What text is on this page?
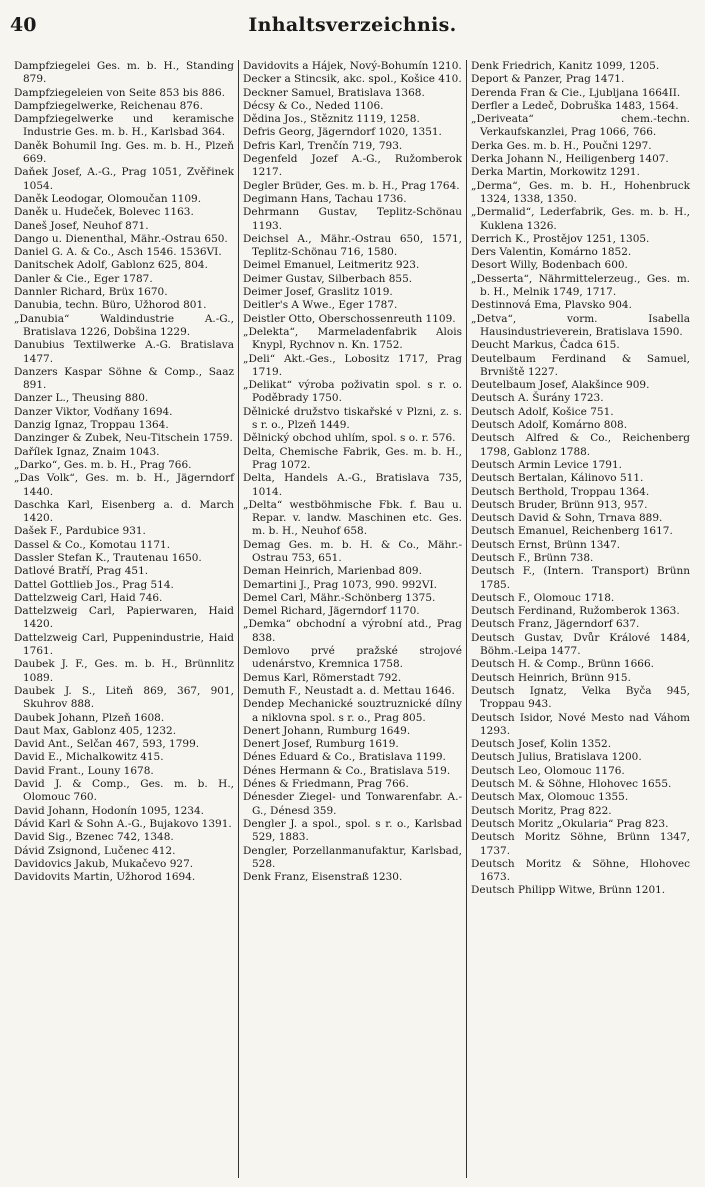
40	Inhaltsverzeichnis.

Dampfziegelei Ges. m. b. H., Standing 879.

Dampfziegeleien von Seite 853 bis 886.

Dampfziegelwerke, Reichenau 876.

Dampfziegelwerke und keramische Industrie Ges. m. b. H., Karlsbad 364.

Daněk Bohumil Ing. Ges. m. b. H., Plzeň 669.

Daňek Josef, A.-G., Prag 1051, Zvěřinek 1054.

Daněk Leodogar, Olomoučan 1109.

Daněk u. Hudeček, Bolevec 1163.

Daneš Josef, Neuhof 871.

Dango u. Dienenthal, Mähr.-Ostrau 650.

Daniel G. A. & Co., Asch 1546. 1536VI.

Danitschek Adolf, Gablonz 625, 804.

Danler & Cie., Eger 1787.

Dannler Richard, Brüx 1670.

Danubia, techn. Büro, Užhorod 801.

„Danubia“ Waldindustrie A.-G., Bratislava 1226, Dobšina 1229.

Danubius Textilwerke A.-G. Bratislava 1477.

Danzers Kaspar Söhne & Comp., Saaz 891.

Danzer L., Theusing 880.

Danzer Viktor, Vodňany 1694.

Danzig Ignaz, Troppau 1364.

Danzinger & Zubek, Neu-Titschein 1759.

Dařílek Ignaz, Znaim 1043.

„Darko“, Ges. m. b. H., Prag 766.

„Das Volk“, Ges. m. b. H., Jägerndorf 1440.

Daschka Karl, Eisenberg a. d. March 1420.

Dašek F., Pardubice 931.

Dassel & Co., Komotau 1171.

Dassler Stefan K., Trautenau 1650.

Datlové Bratří, Prag 451.

Dattel Gottlieb Jos., Prag 514.

Dattelzweig Carl, Haid 746.

Dattelzweig Carl, Papierwaren, Haid 1420.

Dattelzweig Carl, Puppenindustrie, Haid 1761.

Daubek J. F., Ges. m. b. H., Brünnlitz 1089.

Daubek J. S., Liteň 869, 367, 901, Skuhrov 888.

Daubek Johann, Plzeň 1608.

Daut Max, Gablonz 405, 1232.

David Ant., Selčan 467, 593, 1799.

David E., Michalkowitz 415.

David Frant., Louny 1678.

David J. & Comp., Ges. m. b. H., Olomouc 760.

David Johann, Hodonín 1095, 1234.

Dávid Karl & Sohn A.-G., Bujakovo 1391.

David Sig., Bzenec 742, 1348.

Dávid Zsignond, Lučenec 412.

Davidovics Jakub, Mukačevo 927.

Davidovits Martin, Užhorod 1694.

Davidovits a Hájek, Nový-Bohumín 1210.

Decker a Stincsik, akc. spol., Košice 410.

Deckner Samuel, Bratislava 1368.

Décsy & Co., Neded 1106.

Dědina Jos., Stěznitz 1119, 1258.

Defris Georg, Jägerndorf 1020, 1351.

Defris Karl, Trenčín 719, 793.

Degenfeld Jozef A.-G., Ružomberok 1217.

Degler Brüder, Ges. m. b. H., Prag 1764.

Degimann Hans, Tachau 1736.

Dehrmann Gustav, Teplitz-Schönau 1193.

Deichsel A., Mähr.-Ostrau 650, 1571, Teplitz-Schönau 716, 1580.

Deimel Emanuel, Leitmeritz 923.

Deimer Gustav, Silberbach 855.

Deimer Josef, Graslitz 1019.

Deitler's A Wwe., Eger 1787.

Deistler Otto, Oberschossenreuth 1109.

„Delekta“, Marmeladenfabrik Alois Knypl, Rychnov n. Kn. 1752.

„Deli“ Akt.-Ges., Lobositz 1717, Prag 1719.

„Delikat“ výroba poživatin spol. s r. o. Poděbrady 1750.

Dělnické družstvo tiskařské v Plzni, z. s. s r. o., Plzeň 1449.

Dělnický obchod uhlím, spol. s o. r. 576.

Delta, Chemische Fabrik, Ges. m. b. H., Prag 1072.

Delta, Handels A.-G., Bratislava 735, 1014.

„Delta“ westböhmische Fbk. f. Bau u. Repar. v. landw. Maschinen etc. Ges. m. b. H., Neuhof 658.

Demag Ges. m. b. H. & Co., Mähr.-Ostrau 753, 651.

Deman Heinrich, Marienbad 809.

Demartini J., Prag 1073, 990. 992VI.

Demel Carl, Mähr.-Schönberg 1375.

Demel Richard, Jägerndorf 1170.

„Demka“ obchodní a výrobní atd., Prag 838.

Demlovo prvé pražské strojové udenárstvo, Kremnica 1758.

Demus Karl, Römerstadt 792.

Demuth F., Neustadt a. d. Mettau 1646.

Dendep Mechanické souztruznické dílny a niklovna spol. s r. o., Prag 805.

Denert Johann, Rumburg 1649.

Denert Josef, Rumburg 1619.

Dénes Eduard & Co., Bratislava 1199.

Dénes Hermann & Co., Bratislava 519.

Dénes & Friedmann, Prag 766.

Dénesder Ziegel- und Tonwarenfabr. A.-G., Dénesd 359.

Dengler J. a spol., spol. s r. o., Karlsbad 529, 1883.

Dengler, Porzellanmanufaktur, Karlsbad, 528.

Denk Franz, Eisenstraß 1230.

Denk Friedrich, Kanitz 1099, 1205.

Deport & Panzer, Prag 1471.

Derenda Fran & Cie., Ljubljana 1664II.

Derfler a Ledeč, Dobruška 1483, 1564.

„Deriveata“ chem.-techn. Verkaufskanzlei, Prag 1066, 766.

Derka Ges. m. b. H., Poučni 1297.

Derka Johann N., Heiligenberg 1407.

Derka Martin, Morkowitz 1291.

„Derma“, Ges. m. b. H., Hohenbruck 1324, 1338, 1350.

„Dermalid“, Lederfabrik, Ges. m. b. H., Kuklena 1326.

Derrich K., Prostějov 1251, 1305.

Ders Valentin, Komárno 1852.

Desort Willy, Bodenbach 600.

„Desserta“, Nährmittelerzeug., Ges. m. b. H., Melnik 1749, 1717.

Destinnová Ema, Plavsko 904.

„Detva“, vorm. Isabella Hausindustrieverein, Bratislava 1590.

Deucht Markus, Čadca 615.

Deutelbaum Ferdinand & Samuel, Brvniště 1227.

Deutelbaum Josef, Alakšince 909.

Deutsch A. Šurány 1723.

Deutsch Adolf, Košice 751.

Deutsch Adolf, Komárno 808.

Deutsch Alfred & Co., Reichenberg 1798, Gablonz 1788.

Deutsch Armin Levice 1791.

Deutsch Bertalan, Kálinovo 511.

Deutsch Berthold, Troppau 1364.

Deutsch Bruder, Brünn 913, 957.

Deutsch David & Sohn, Trnava 889.

Deutsch Emanuel, Reichenberg 1617.

Deutsch Ernst, Brünn 1347.

Deutsch F., Brünn 738.

Deutsch F., (Intern. Transport) Brünn 1785.

Deutsch F., Olomouc 1718.

Deutsch Ferdinand, Ružomberok 1363.

Deutsch Franz, Jägerndorf 637.

Deutsch Gustav, Dvůr Králové 1484, Böhm.-Leipa 1477.

Deutsch H. & Comp., Brünn 1666.

Deutsch Heinrich, Brünn 915.

Deutsch Ignatz, Velka Byča 945, Troppau 943.

Deutsch Isidor, Nové Mesto nad Váhom 1293.

Deutsch Josef, Kolin 1352.

Deutsch Julius, Bratislava 1200.

Deutsch Leo, Olomouc 1176.

Deutsch M. & Söhne, Hlohovec 1655.

Deutsch Max, Olomouc 1355.

Deutsch Moritz, Prag 822.

Deutsch Moritz „Okularia“ Prag 823.

Deutsch Moritz Söhne, Brünn 1347, 1737.

Deutsch Moritz & Söhne, Hlohovec 1673.

Deutsch Philipp Witwe, Brünn 1201.
